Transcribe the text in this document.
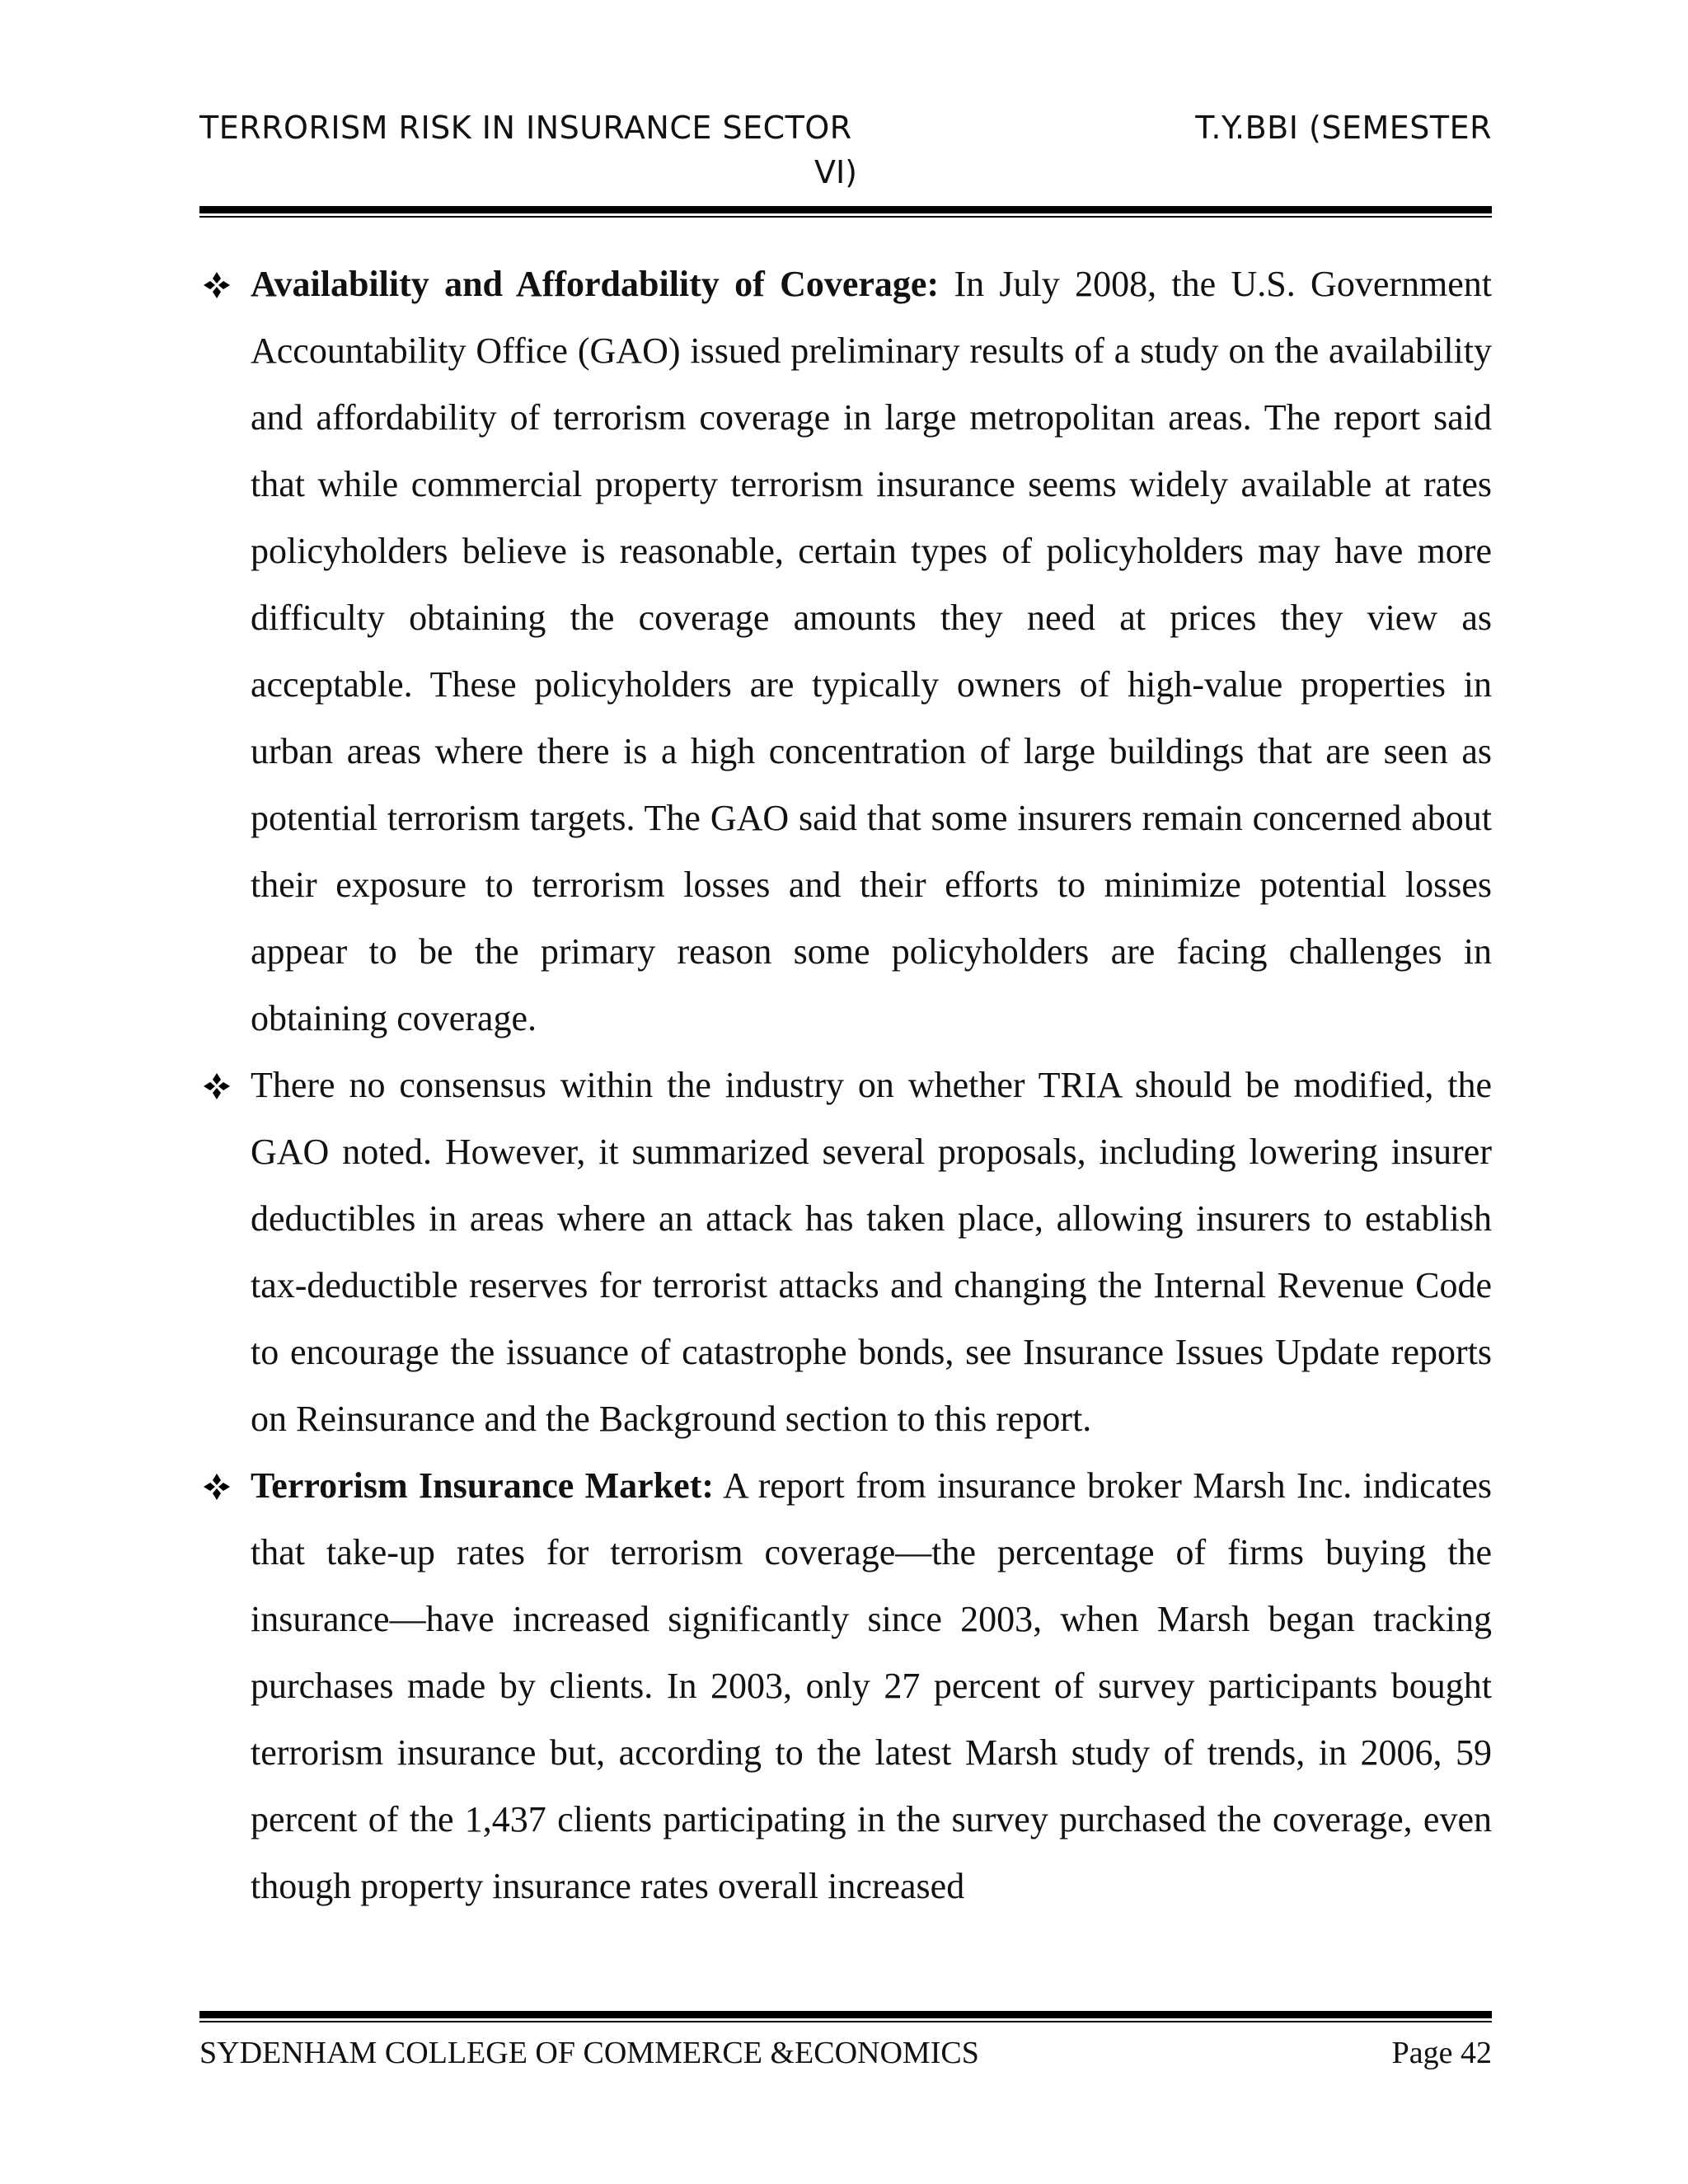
TERRORISM RISK IN INSURANCE SECTOR	T.Y.BBI (SEMESTER
VI)
Availability and Affordability of Coverage: In July 2008, the U.S. Government Accountability Office (GAO) issued preliminary results of a study on the availability and affordability of terrorism coverage in large metropolitan areas. The report said that while commercial property terrorism insurance seems widely available at rates policyholders believe is reasonable, certain types of policyholders may have more difficulty obtaining the coverage amounts they need at prices they view as acceptable. These policyholders are typically owners of high-value properties in urban areas where there is a high concentration of large buildings that are seen as potential terrorism targets. The GAO said that some insurers remain concerned about their exposure to terrorism losses and their efforts to minimize potential losses appear to be the primary reason some policyholders are facing challenges in obtaining coverage.
There no consensus within the industry on whether TRIA should be modified, the GAO noted. However, it summarized several proposals, including lowering insurer deductibles in areas where an attack has taken place, allowing insurers to establish tax-deductible reserves for terrorist attacks and changing the Internal Revenue Code to encourage the issuance of catastrophe bonds, see Insurance Issues Update reports on Reinsurance and the Background section to this report.
Terrorism Insurance Market: A report from insurance broker Marsh Inc. indicates that take-up rates for terrorism coverage—the percentage of firms buying the insurance—have increased significantly since 2003, when Marsh began tracking purchases made by clients. In 2003, only 27 percent of survey participants bought terrorism insurance but, according to the latest Marsh study of trends, in 2006, 59 percent of the 1,437 clients participating in the survey purchased the coverage, even though property insurance rates overall increased
SYDENHAM COLLEGE OF COMMERCE &ECONOMICS	Page 42
